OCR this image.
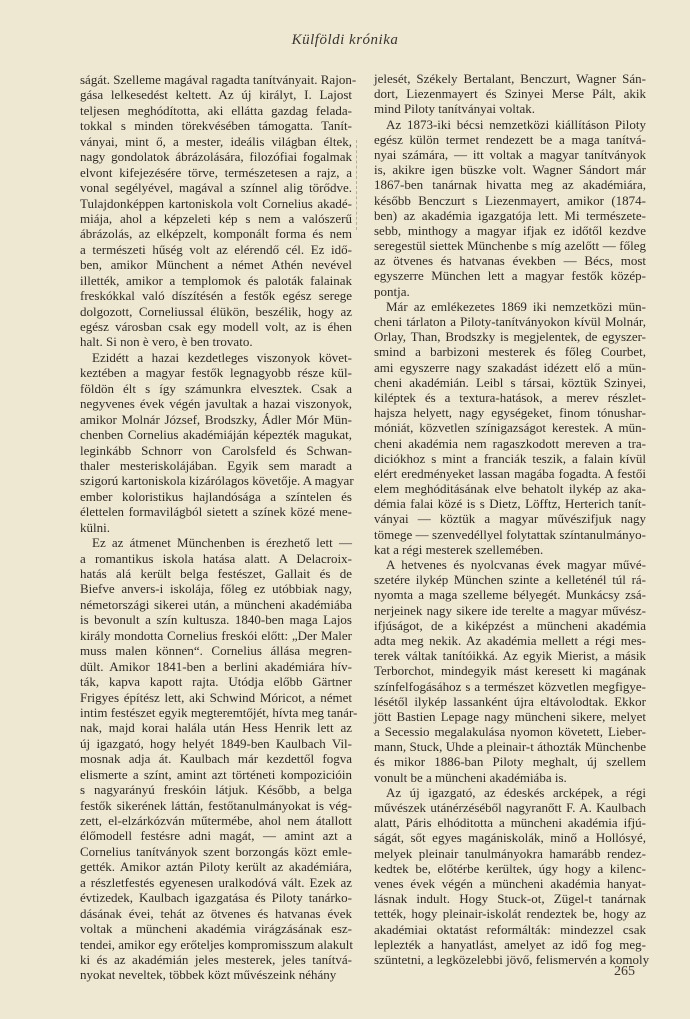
Külföldi krónika
ságát. Szelleme magával ragadta tanítványait. Rajon-
gása lelkesedést keltett. Az új királyt, I. Lajost
teljesen meghódította, aki ellátta gazdag felada-
tokkal s minden törekvésében támogatta. Tanít-
ványai, mint ő, a mester, ideális világban éltek,
nagy gondolatok ábrázolására, filozófiai fogalmak
elvont kifejezésére törve, természetesen a rajz, a
vonal segélyével, magával a színnel alig törődve.
Tulajdonképpen kartoniskola volt Cornelius akadé-
miája, ahol a képzeleti kép s nem a valószerű
ábrázolás, az elképzelt, komponált forma és nem
a természeti hűség volt az elérendő cél. Ez idő-
ben, amikor Münchent a német Athén nevével
illették, amikor a templomok és paloták falainak
freskókkal való díszítésén a festők egész serege
dolgozott, Corneliussal élükön, beszélik, hogy az
egész városban csak egy modell volt, az is éhen
halt. Si non è vero, è ben trovato.
Ezidétt a hazai kezdetleges viszonyok követ-
keztében a magyar festők legnagyobb része kül-
földön élt s így számunkra elvesztek. Csak a
negyvenes évek végén javultak a hazai viszonyok,
amikor Molnár József, Brodszky, Ádler Mór Mün-
chenben Cornelius akadémiáján képezték magukat,
leginkább Schnorr von Carolsfeld és Schwan-
thaler mesteriskolájában. Egyik sem maradt a
szigorú kartoniskola kizárólagos követője. A magyar
ember koloristikus hajlandósága a színtelen és
élettelen formavilágból sietett a színek közé mene-
külni.
Ez az átmenet Münchenben is érezhető lett —
a romantikus iskola hatása alatt. A Delacroix-
hatás alá került belga festészet, Gallait és de
Biefve anvers-i iskolája, főleg ez utóbbiak nagy,
németországi sikerei után, a müncheni akadémiába
is bevonult a szín kultusza. 1840-ben maga Lajos
király mondotta Cornelius freskói előtt: „Der Maler
muss malen können“. Cornelius állása megren-
dült. Amikor 1841-ben a berlini akadémiára hív-
ták, kapva kapott rajta. Utódja előbb Gärtner
Frigyes építész lett, aki Schwind Móricot, a német
intim festészet egyik megteremtőjét, hívta meg tanár-
nak, majd korai halála után Hess Henrik lett az
új igazgató, hogy helyét 1849-ben Kaulbach Vil-
mosnak adja át. Kaulbach már kezdettől fogva
elismerte a színt, amint azt történeti kompozicióin
s nagyarányú freskóin látjuk. Később, a belga
festők sikerének láttán, festőtanulmányokat is vég-
zett, el-elzárkózván műtermébe, ahol nem átallott
élőmodell festésre adni magát, — amint azt a
Cornelius tanítványok szent borzongás közt emle-
gették. Amikor aztán Piloty került az akadémiára,
a részletfestés egyenesen uralkodóvá vált. Ezek az
évtizedek, Kaulbach igazgatása és Piloty tanárko-
dásának évei, tehát az ötvenes és hatvanas évek
voltak a müncheni akadémia virágzásának esz-
tendei, amikor egy erőteljes kompromisszum alakult
ki és az akadémián jeles mesterek, jeles tanítvá-
nyokat neveltek, többek közt művészeink néhány
jelesét, Székely Bertalant, Benczurt, Wagner Sán-
dort, Liezenmayert és Szinyei Merse Pált, akik
mind Piloty tanítványai voltak.
Az 1873-iki bécsi nemzetközi kiállításon Piloty
egész külön termet rendezett be a maga tanítvá-
nyai számára, — itt voltak a magyar tanítványok
is, akikre igen büszke volt. Wagner Sándort már
1867-ben tanárnak hivatta meg az akadémiára,
később Benczurt s Liezenmayert, amikor (1874-
ben) az akadémia igazgatója lett. Mi természete-
sebb, minthogy a magyar ifjak ez időtől kezdve
seregestül siettek Münchenbe s míg azelőtt — főleg
az ötvenes és hatvanas években — Bécs, most
egyszerre München lett a magyar festők közép-
pontja.
Már az emlékezetes 1869 iki nemzetközi mün-
cheni tárlaton a Piloty-tanítványokon kívül Molnár,
Orlay, Than, Brodszky is megjelentek, de egyszer-
smind a barbizoni mesterek és főleg Courbet,
ami egyszerre nagy szakadást idézett elő a mün-
cheni akadémián. Leibl s társai, köztük Szinyei,
kiléptek és a textura-hatások, a merev részlet-
hajsza helyett, nagy egységeket, finom tónushar-
móniát, közvetlen színigazságot kerestek. A mün-
cheni akadémia nem ragaszkodott mereven a tra-
diciókhoz s mint a franciák teszik, a falain kívül
elért eredményeket lassan magába fogadta. A festői
elem meghóditásának elve behatolt ilykép az aka-
démia falai közé is s Dietz, Löfftz, Herterich tanít-
ványai — köztük a magyar művészifjuk nagy
tömege — szenvedéllyel folytattak színtanulmányo-
kat a régi mesterek szellemében.
A hetvenes és nyolcvanas évek magyar művé-
szetére ilykép München szinte a kelleténél túl rá-
nyomta a maga szelleme bélyegét. Munkácsy zsá-
nerjeinek nagy sikere ide terelte a magyar művész-
ifjúságot, de a kiképzést a müncheni akadémia
adta meg nekik. Az akadémia mellett a régi mes-
terek váltak tanítóikká. Az egyik Mierist, a másik
Terborchot, mindegyik mást keresett ki magának
színfelfogásához s a természet közvetlen megfigye-
lésétől ilykép lassanként újra eltávolodtak. Ekkor
jött Bastien Lepage nagy müncheni sikere, melyet
a Secessio megalakulása nyomon követett, Lieber-
mann, Stuck, Uhde a pleinair-t áthozták Münchenbe
és mikor 1886-ban Piloty meghalt, új szellem
vonult be a müncheni akadémiába is.
Az új igazgató, az édeskés arcképek, a régi
művészek utánérzéséből nagyranőtt F. A. Kaulbach
alatt, Páris elhóditotta a müncheni akadémia ifjú-
ságát, sőt egyes magániskolák, minő a Hollósyé,
melyek pleinair tanulmányokra hamarább rendez-
kedtek be, előtérbe kerültek, úgy hogy a kilenc-
venes évek végén a müncheni akadémia hanyat-
lásnak indult. Hogy Stuck-ot, Zügel-t tanárnak
tették, hogy pleinair-iskolát rendeztek be, hogy az
akadémiai oktatást reformálták: mindezzel csak
leplezték a hanyatlást, amelyet az idő fog meg-
szüntetni, a legközelebbi jövő, felismervén a komoly
265
